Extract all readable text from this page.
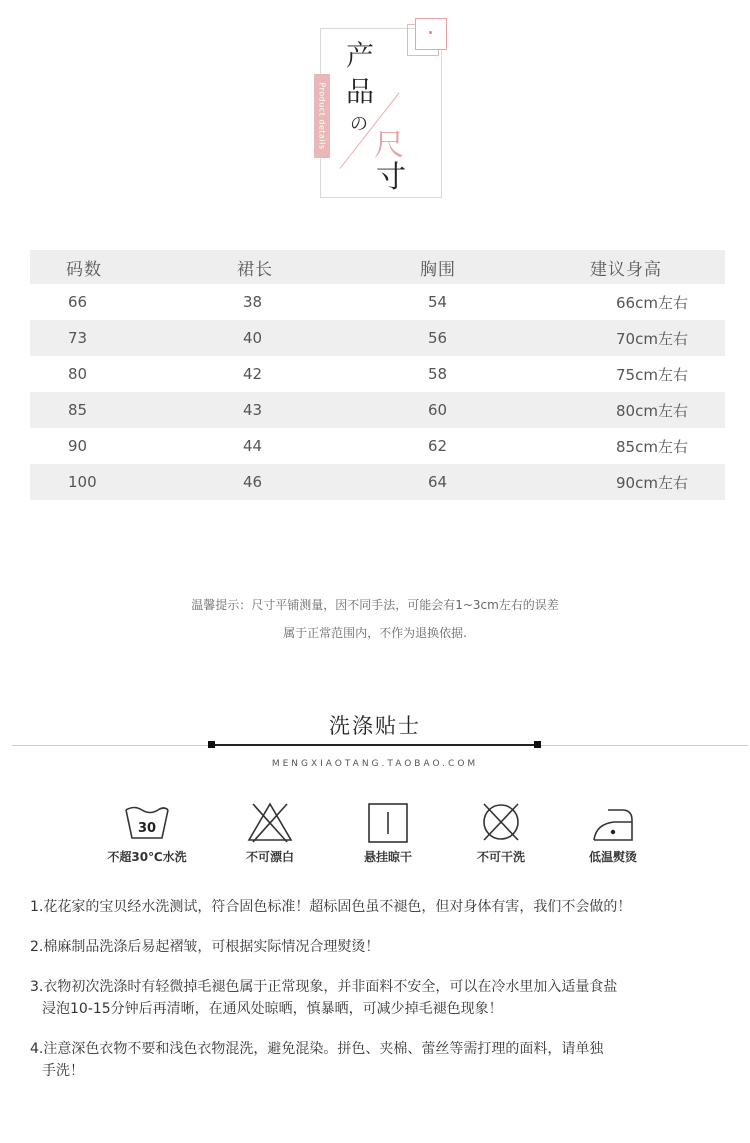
Product details
产
品
の
尺
寸
码数	裙长	胸围	建议身高
66	38	54	66cm左右
73	40	56	70cm左右
80	42	58	75cm左右
85	43	60	80cm左右
90	44	62	85cm左右
100	46	64	90cm左右
温馨提示：尺寸平铺测量，因不同手法，可能会有1~3cm左右的误差
属于正常范围内，不作为退换依据.
洗涤贴士
MENGXIAOTANG.TAOBAO.COM
30
不超30℃水洗	不可漂白	悬挂晾干	不可干洗	低温熨烫
1.花花家的宝贝经水洗测试，符合固色标准！超标固色虽不褪色，但对身体有害，我们不会做的！
2.棉麻制品洗涤后易起褶皱，可根据实际情况合理熨烫！
3.衣物初次洗涤时有轻微掉毛褪色属于正常现象，并非面料不安全，可以在冷水里加入适量食盐
浸泡10-15分钟后再清晰，在通风处晾晒，慎暴晒，可减少掉毛褪色现象！
4.注意深色衣物不要和浅色衣物混洗，避免混染。拼色、夹棉、蕾丝等需打理的面料，请单独
手洗！
